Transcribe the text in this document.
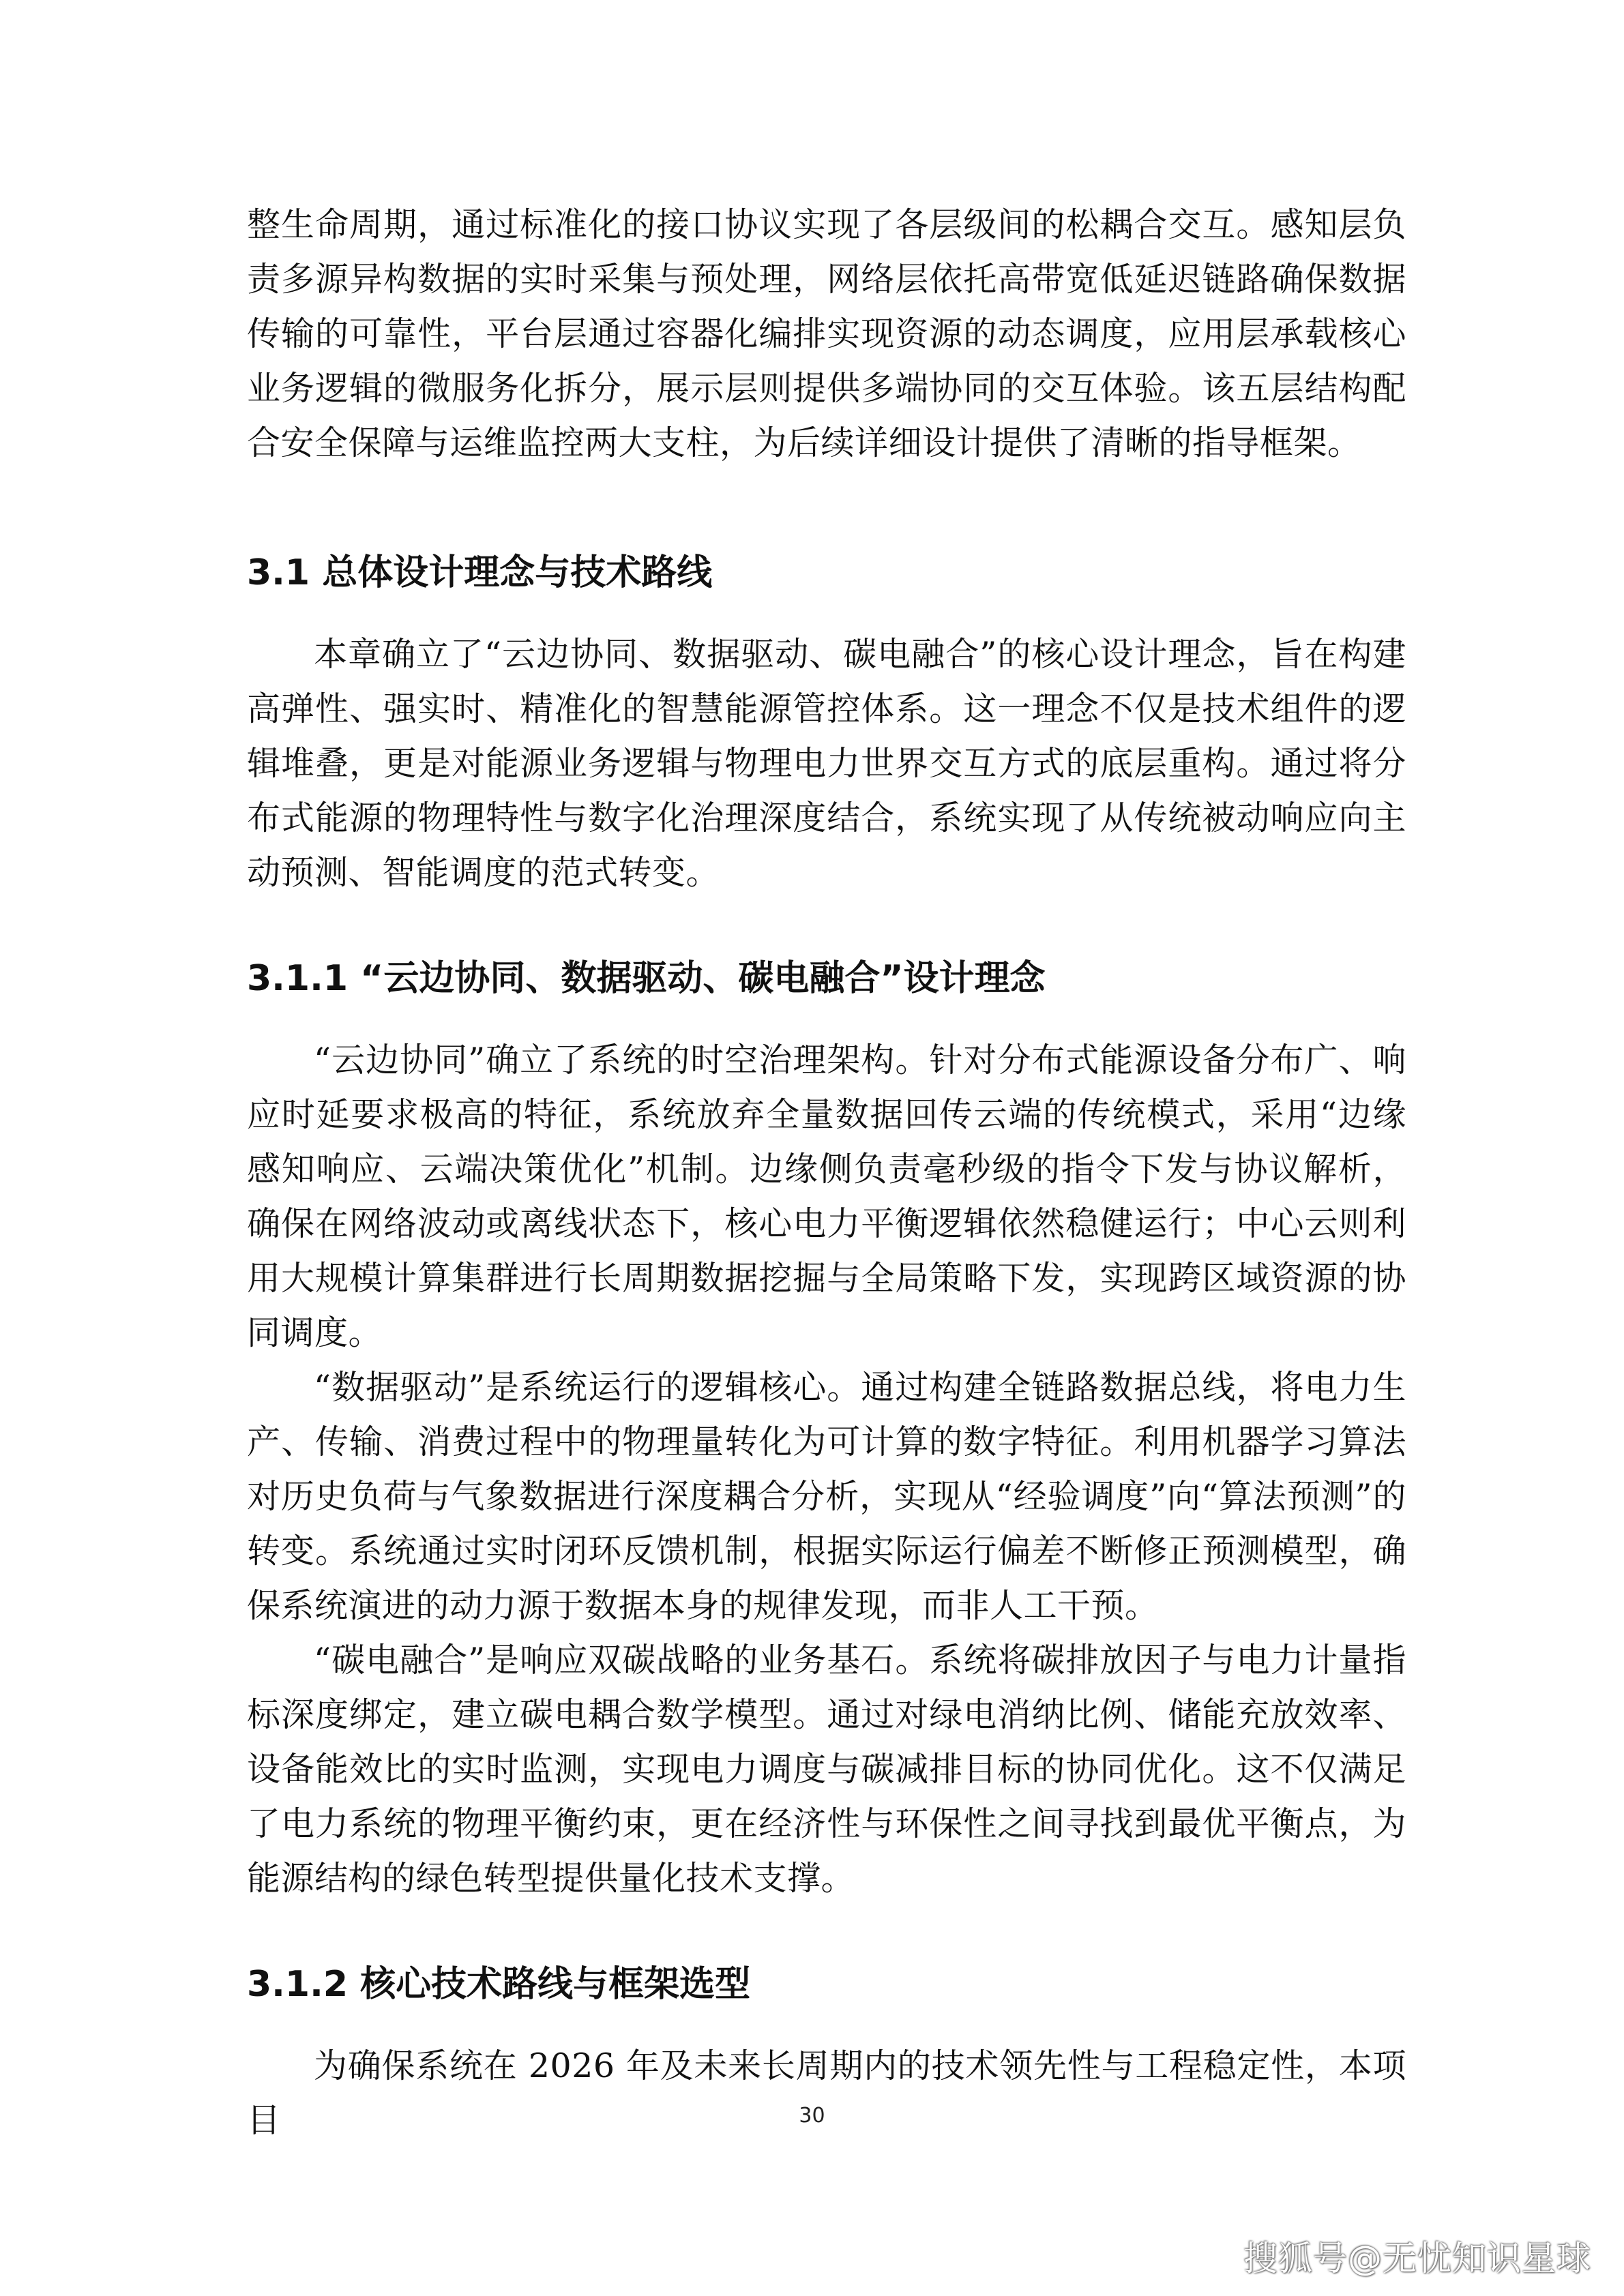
整生命周期，通过标准化的接口协议实现了各层级间的松耦合交互。感知层负责多源异构数据的实时采集与预处理，网络层依托高带宽低延迟链路确保数据传输的可靠性，平台层通过容器化编排实现资源的动态调度，应用层承载核心业务逻辑的微服务化拆分，展示层则提供多端协同的交互体验。该五层结构配合安全保障与运维监控两大支柱，为后续详细设计提供了清晰的指导框架。

3.1 总体设计理念与技术路线

本章确立了“云边协同、数据驱动、碳电融合”的核心设计理念，旨在构建高弹性、强实时、精准化的智慧能源管控体系。这一理念不仅是技术组件的逻辑堆叠，更是对能源业务逻辑与物理电力世界交互方式的底层重构。通过将分布式能源的物理特性与数字化治理深度结合，系统实现了从传统被动响应向主动预测、智能调度的范式转变。

3.1.1 “云边协同、数据驱动、碳电融合”设计理念

“云边协同”确立了系统的时空治理架构。针对分布式能源设备分布广、响应时延要求极高的特征，系统放弃全量数据回传云端的传统模式，采用“边缘感知响应、云端决策优化”机制。边缘侧负责毫秒级的指令下发与协议解析，确保在网络波动或离线状态下，核心电力平衡逻辑依然稳健运行；中心云则利用大规模计算集群进行长周期数据挖掘与全局策略下发，实现跨区域资源的协同调度。

“数据驱动”是系统运行的逻辑核心。通过构建全链路数据总线，将电力生产、传输、消费过程中的物理量转化为可计算的数字特征。利用机器学习算法对历史负荷与气象数据进行深度耦合分析，实现从“经验调度”向“算法预测”的转变。系统通过实时闭环反馈机制，根据实际运行偏差不断修正预测模型，确保系统演进的动力源于数据本身的规律发现，而非人工干预。

“碳电融合”是响应双碳战略的业务基石。系统将碳排放因子与电力计量指标深度绑定，建立碳电耦合数学模型。通过对绿电消纳比例、储能充放效率、设备能效比的实时监测，实现电力调度与碳减排目标的协同优化。这不仅满足了电力系统的物理平衡约束，更在经济性与环保性之间寻找到最优平衡点，为能源结构的绿色转型提供量化技术支撑。

3.1.2 核心技术路线与框架选型

为确保系统在 2026 年及未来长周期内的技术领先性与工程稳定性，本项目	30
搜狐号@无忧知识星球
